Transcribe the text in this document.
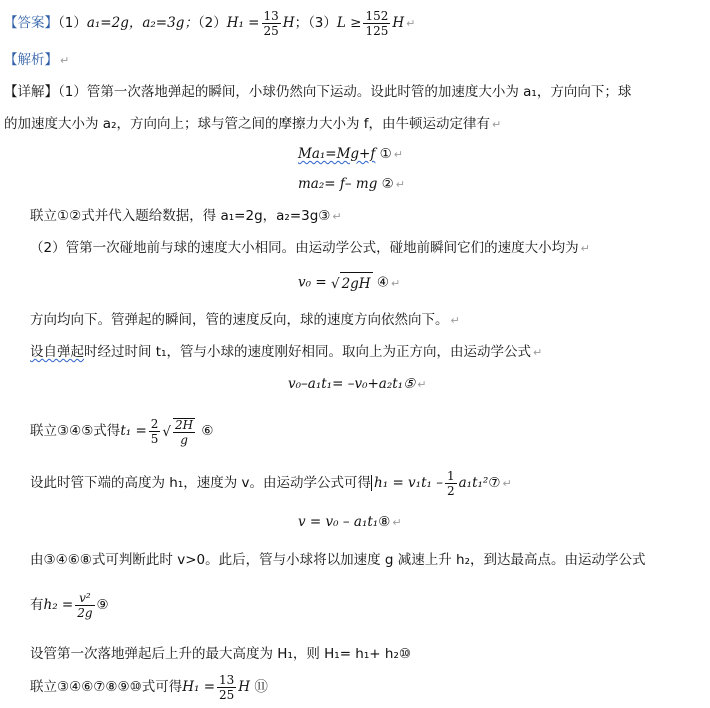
【答案】（1）a₁=2g，a₂=3g；$(2)H_1 = \frac{13}{25}$ H；$(3)L \ge \frac{152}{125}$ H ↵
【解析】 ↵
【详解】（1）管第一次落地弹起的瞬间，小球仍然向下运动。设此时管的加速度大小为 a₁，方向向下；球
的加速度大小为 a₂，方向向上；球与管之间的摩擦力大小为 f，由牛顿运动定律有 ↵
Ma₁=Mg+f ① ↵
ma₂= f– mg ② ↵
联立①②式并代入题给数据，得 a₁=2g，a₂=3g③ ↵
（2）管第一次碰地前与球的速度大小相同。由运动学公式，碰地前瞬间它们的速度大小均为 ↵
v₀ = √ 2gH ④ ↵
方向均向下。管弹起的瞬间，管的速度反向，球的速度方向依然向下。 ↵
设自弹起时经过时间 t₁，管与小球的速度刚好相同。取向上为正方向，由运动学公式 ↵
v₀–a₁t₁= –v₀+a₂t₁⑤ ↵
联立③④⑤式得$t_1 = \frac{2}{5}$ √ $\frac{2H}{g}$ ⑥
设此时管下端的高度为 h₁，速度为 v。由运动学公式可得 $h_1 = v_1t_1 - \frac{1}{2}$ a₁t₁²⑦ ↵
v = v₀ – a₁t₁⑧ ↵
由③④⑥⑧式可判断此时 v>0。此后，管与小球将以加速度 g 减速上升 h₂，到达最高点。由运动学公式
有$h_2 = \frac{\text{v²}}{2g}$ ⑨
设管第一次落地弹起后上升的最大高度为 H₁，则 H₁= h₁+ h₂⑩
联立③④⑥⑦⑧⑨⑩式可得$H_1 = \frac{13}{25}$ H ⑪
